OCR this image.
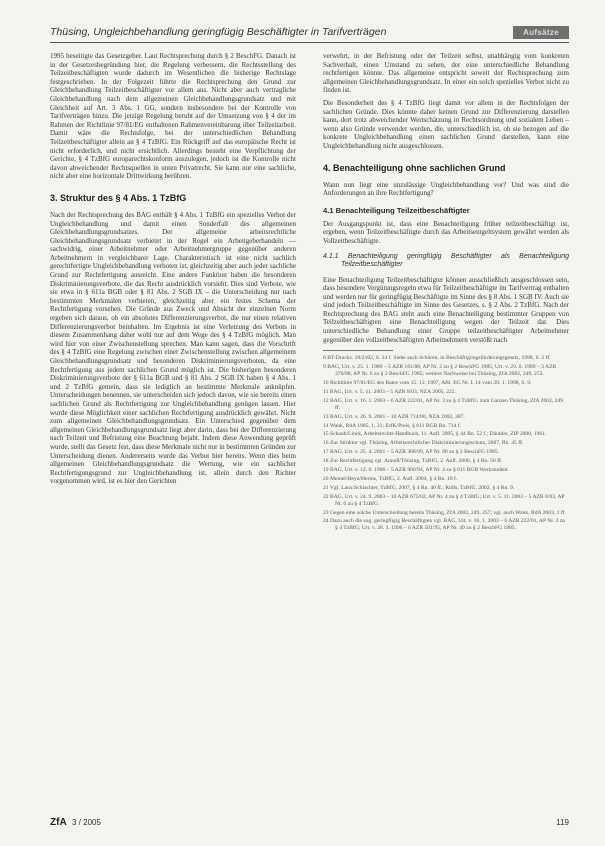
Thüsing, Ungleichbehandlung geringfügig Beschäftigter in Tarifverträgen	Aufsätze

1995 beseitigte das Gesetzgeber. Laut Rechtsprechung durch § 2 BeschFG. Danach ist in der Gesetzesbegründung hier, die Regelung verbessern, die Rechtsstellung des Teilzeitbeschäftigten wurde dadurch im Wesentlichen die bisherige Rechtslage festgeschrieben. In der Folgezeit führte die Rechtsprechung den Grund zur Gleichbehandlung Teilzeitbeschäftigter vor allem aus. Nicht aber auch vertragliche Gleichbehandlung nach dem allgemeinen Gleichbehandlungsgrundsatz und mit Gleichheit auf Art. 3 Abs. 1 GG, sondern insbesondere bei der Kontrolle von Tarifverträgen hinzu. Die jetzige Regelung beruht auf der Umsetzung von § 4 der im Rahmen der Richtlinie 97/81/EG enthaltenen Rahmenvereinbarung über Teilzeitarbeit. Damit wäre die Rechtsfolge, bei der unterschiedlichen Behandlung Teilzeitbeschäftigter allein an § 4 TzBfG. Ein Rückgriff auf das europäische Recht ist nicht erforderlich, und nicht ersichtlich. Allerdings besteht eine Verpflichtung der Gerichte, § 4 TzBfG europarechtskonform auszulegen, jedoch ist die Kontrolle nicht davon abweichender Rechtsquellen in unten Privatrecht. Sie kann nur eine sachliche, nicht aber eine horizontale Drittwirkung berühren.

3. Struktur des § 4 Abs. 1 TzBfG

Nach der Rechtsprechung des BAG enthält § 4 Abs. 1 TzBfG ein spezielles Verbot der Ungleichbehandlung und damit einen Sonderfall des allgemeinen Gleichbehandlungsgrundsatzes. Der allgemeine arbeitsrechtliche Gleichbehandlungsgrundsatz verbietet in der Regel ein Arbeitgeberhandeln — sachwidrig, einer Arbeitnehmer oder Arbeitnehmergruppe gegenüber anderen Arbeitnehmern in vergleichbarer Lage. Charakteristisch ist eine nicht sachlich gerechtfertigte Ungleichbehandlung verboten ist, gleichzeitig aber auch jeder sachliche Grund zur Rechtfertigung ausreicht. Eine andere Funktion haben die besonderen Diskriminierungsverbote, die das Recht ausdrücklich vorsieht. Dies sind Verbote, wie sie etwa in § 611a BGB oder § 81 Abs. 2 SGB IX – die Unterscheidung nur nach bestimmten Merkmalen verbieten, gleichzeitig aber ein festes Schema der Rechtfertigung vorsehen. Die Gründe aus Zweck und Absicht der einzelnen Norm ergeben sich daraus, ob ein absolutes Differenzierungsverbot, die nur einen relativen Differenzierungsverbot beinhalten. Im Ergebnis ist eine Verletzung des Verbots in diesem Zusammenhang daher wohl nur auf dem Wege des § 4 TzBfG möglich. Man wird hier von einer Zwischenstellung sprechen. Man kann sagen, dass die Vorschrift des § 4 TzBfG eine Regelung zwischen einer Zwischenstellung zwischen allgemeinem Gleichbehandlungsgrundsatz und besonderen Diskriminierungsverboten, da eine Rechtfertigung aus jedem sachlichen Grund möglich ist. Die bisherigen besonderen Diskriminierungsverbote der § 611a BGB und § 81 Abs. 2 SGB IX haben § 4 Abs. 1 und 2 TzBfG gemein, dass sie lediglich an bestimmte Merkmale anknüpfen. Unterscheidungen benennen, sie unterscheiden sich jedoch davon, wie sie bereits einen sachlichen Grund als Rechtfertigung zur Ungleichbehandlung genügen lassen. Hier wurde diese Möglichkeit einer sachlichen Rechtfertigung ausdrücklich gewährt. Nicht zum allgemeinen Gleichbehandlungsgrundsatz. Ein Unterschied gegenüber dem allgemeinen Gleichbehandlungsgrundsatz liegt aber darin, dass bei der Differenzierung nach Teilzeit und Befristung eine Beachtung bejaht. Indem diese Anwendung geprüft wurde, stellt das Gesetz fest, dass diese Merkmale nicht nur in bestimmten Gründen zur Unterscheidung dienen. Andererseits wurde das Verbot hier bereits. Wenn dies beim allgemeinen Gleichbehandlungsgrundsatz die Wertung, wie ein sachlicher Rechtfertigungsgrund zur Ungleichbehandlung ist, allein durch den Richter vorgenommen wird, ist es hier den Gerichten

verwehrt, in der Befristung oder der Teilzeit selbst, unabhängig vom konkreten Sachverhalt, einen Umstand zu sehen, der eine unterschiedliche Behandlung rechtfertigen könnte. Das allgemeine entspricht soweit der Rechtsprechung zum allgemeinen Gleichbehandlungsgrundsatz. In einer ein solch spezielles Verbot nicht zu finden ist.

Die Besonderheit des § 4 TzBfG liegt damit vor allem in der Rechtsfolgen der sachlichen Gründe. Dies könnte daher keinen Grund zur Differenzierung darstellen kann, dort trotz abweichender Wertschätzung in Rechtsordnung und sozialem Leben – wenn also Gründe verwendet werden, die, unterschiedlich ist, ob sie bezogen auf die konkrete Ungleichbehandlung einen sachlichen Grund darstellen, kann eine Ungleichbehandlung nicht ausgeschlossen.

4. Benachteiligung ohne sachlichen Grund

Wann nun liegt eine unzulässige Ungleichbehandlung vor? Und was sind die Anforderungen an ihre Rechtfertigung?

4.1 Benachteiligung Teilzeitbeschäftigter

Der Ausgangspunkt ist, dass eine Benachteiligung früher teilzeitbeschäftigt ist, ergeben, wenn Teilzeitbeschäftigte durch das Arbeitsentgeltsystem gewährt werden als Vollzeitbeschäftigte.

4.1.1 Benachteiligung geringfügig Beschäftigter als Benachteiligung Teilzeitbeschäftigter

Eine Benachteiligung Teilzeitbeschäftigter können ausschließlich ausgeschlossen sein, dass besondere Vergütungsregeln etwa für Teilzeitbeschäftigte im Tarifvertrag enthalten und werden nur für geringfügig Beschäftigte im Sinne des § 8 Abs. 1 SGB IV. Auch sie sind jedoch Teilzeitbeschäftigte im Sinne des Gesetzes, s. § 2 Abs. 2 TzBfG. Nach der Rechtsprechung des BAG steht auch eine Benachteiligung bestimmter Gruppen von Teilzeitbeschäftigten eine Benachteiligung wegen der Teilzeit dar. Dies unterschiedliche Behandlung einer Gruppe teilzeitbeschäftigter Arbeitnehmer gegenüber den vollzeitbeschäftigten Arbeitnehmern verstößt nach

8 BT-Drucks. 10/2102, S. 24 f. Siehe auch Schüren, in Beschäftigungsförderungsgesetz, 1998, S. 2 ff.
9 BAG, Urt. v. 25. 1. 1989 – 5 AZR 161/88, AP Nr. 2 zu § 2 BeschFG 1985; Urt. v. 29. 8. 1989 – 3 AZR 370/88, AP Nr. 6 zu § 2 BeschFG 1985; weitere Nachweise bei Thüsing, ZfA 2002, 249, 253.
10 Richtlinie 97/81/EG des Rates vom 15. 12. 1997, ABl. EG Nr. L 14 vom 20. 1. 1998, S. 9.
11 BAG, Urt. v. 5. 11. 2003 – 5 AZR 8/03, NZA 2005, 222.
12 BAG, Urt. v. 16. 1. 2003 – 6 AZR 222/01, AP Nr. 3 zu § 4 TzBfG; zum Ganzen Thüsing, ZfA 2002, 249 ff.
13 BAG, Urt. v. 26. 9. 2001 – 10 AZR 714/00, NZA 2002, 387.
14 Wank, RdA 1985, 1, 21; ErfK/Preis, § 611 BGB Rn. 714 f.
15 Schaub/Linck, Arbeitsrechts-Handbuch, 11. Aufl. 2005, § 44 Rn. 52 f.; Däubler, ZIP 2000, 1961.
16 Zur Struktur vgl. Thüsing, Arbeitsrechtlicher Diskriminierungsschutz, 2007, Rn. 45 ff.
17 BAG, Urt. v. 25. 4. 2001 – 5 AZR 368/99, AP Nr. 80 zu § 2 BeschFG 1985.
18 Zur Rechtfertigung vgl. Annuß/Thüsing, TzBfG, 2. Aufl. 2006, § 4 Rn. 50 ff.
19 BAG, Urt. v. 12. 6. 1996 – 5 AZR 960/94, AP Nr. 4 zu § 611 BGB Werkstudent.
20 Meinel/Heyn/Herms, TzBfG, 2. Aufl. 2004, § 4 Rn. 18 f.
21 Vgl. Laux/Schlachter, TzBfG, 2007, § 4 Rn. 40 ff.; Rolfs, TzBfG, 2002, § 4 Rn. 9.
22 BAG, Urt. v. 24. 9. 2003 – 10 AZR 675/02, AP Nr. 4 zu § 4 TzBfG; Urt. v. 5. 11. 2003 – 5 AZR 8/03, AP Nr. 6 zu § 4 TzBfG.
23 Gegen eine solche Unterscheidung bereits Thüsing, ZfA 2002, 249, 257; vgl. auch Wank, RdA 2003, 1 ff.
24 Dazu auch die sog. geringfügig Beschäftigten vgl. BAG, Urt. v. 16. 1. 2003 – 6 AZR 222/01, AP Nr. 3 zu § 4 TzBfG; Urt. v. 28. 3. 1996 – 6 AZR 501/95, AP Nr. 49 zu § 2 BeschFG 1985.
ZfA 3 / 2005	119
